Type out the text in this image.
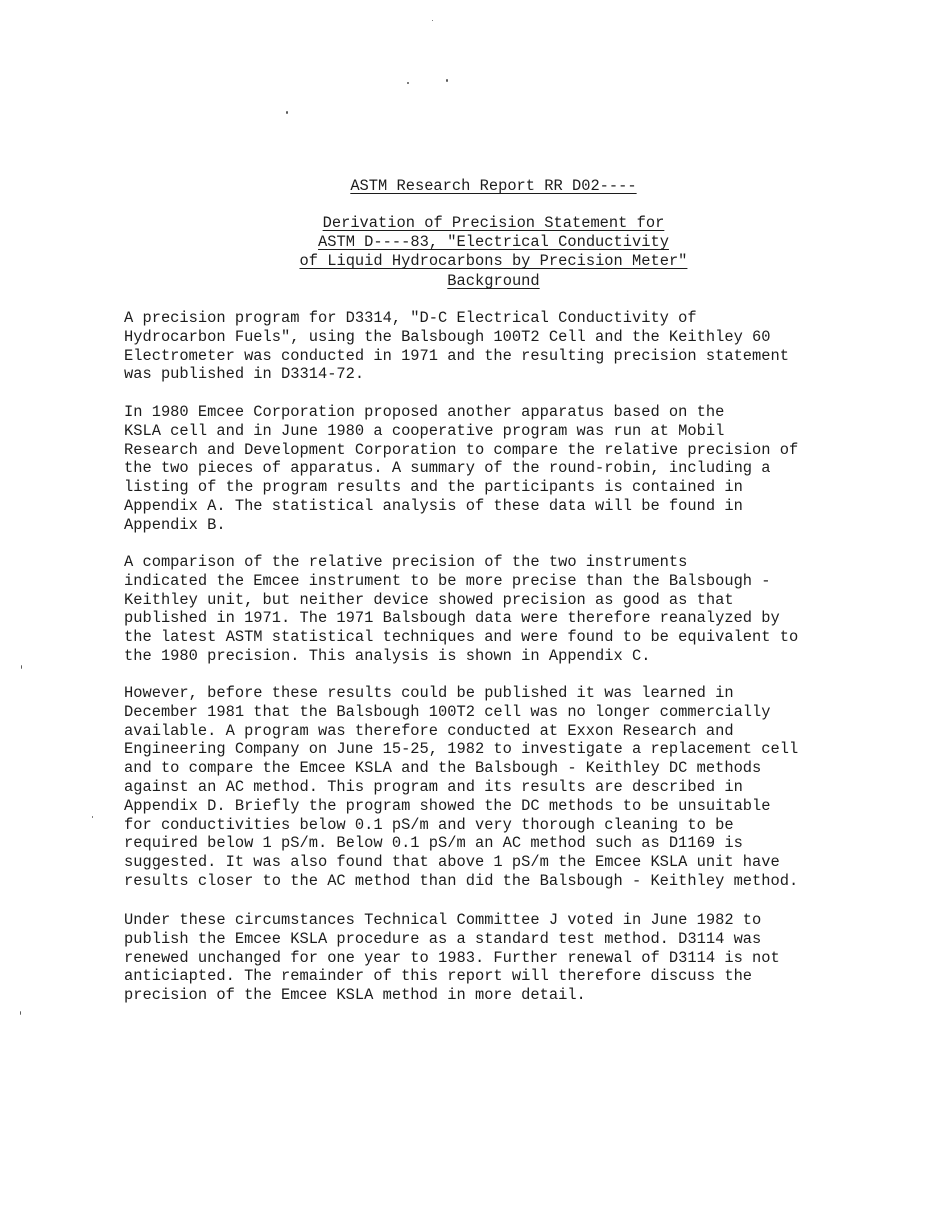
ASTM Research Report RR D02----

Derivation of Precision Statement for

ASTM D----83, "Electrical Conductivity

of Liquid Hydrocarbons by Precision Meter"

Background

A precision program for D3314, "D-C Electrical Conductivity of
Hydrocarbon Fuels", using the Balsbough 100T2 Cell and the Keithley 60
Electrometer was conducted in 1971 and the resulting precision statement
was published in D3314-72.

In 1980 Emcee Corporation proposed another apparatus based on the
KSLA cell and in June 1980 a cooperative program was run at Mobil
Research and Development Corporation to compare the relative precision of
the two pieces of apparatus. A summary of the round-robin, including a
listing of the program results and the participants is contained in
Appendix A. The statistical analysis of these data will be found in
Appendix B.

A comparison of the relative precision of the two instruments
indicated the Emcee instrument to be more precise than the Balsbough -
Keithley unit, but neither device showed precision as good as that
published in 1971. The 1971 Balsbough data were therefore reanalyzed by
the latest ASTM statistical techniques and were found to be equivalent to
the 1980 precision. This analysis is shown in Appendix C.

However, before these results could be published it was learned in
December 1981 that the Balsbough 100T2 cell was no longer commercially
available. A program was therefore conducted at Exxon Research and
Engineering Company on June 15-25, 1982 to investigate a replacement cell
and to compare the Emcee KSLA and the Balsbough - Keithley DC methods
against an AC method. This program and its results are described in
Appendix D. Briefly the program showed the DC methods to be unsuitable
for conductivities below 0.1 pS/m and very thorough cleaning to be
required below 1 pS/m. Below 0.1 pS/m an AC method such as D1169 is
suggested. It was also found that above 1 pS/m the Emcee KSLA unit have
results closer to the AC method than did the Balsbough - Keithley method.

Under these circumstances Technical Committee J voted in June 1982 to
publish the Emcee KSLA procedure as a standard test method. D3114 was
renewed unchanged for one year to 1983. Further renewal of D3114 is not
anticiapted. The remainder of this report will therefore discuss the
precision of the Emcee KSLA method in more detail.
